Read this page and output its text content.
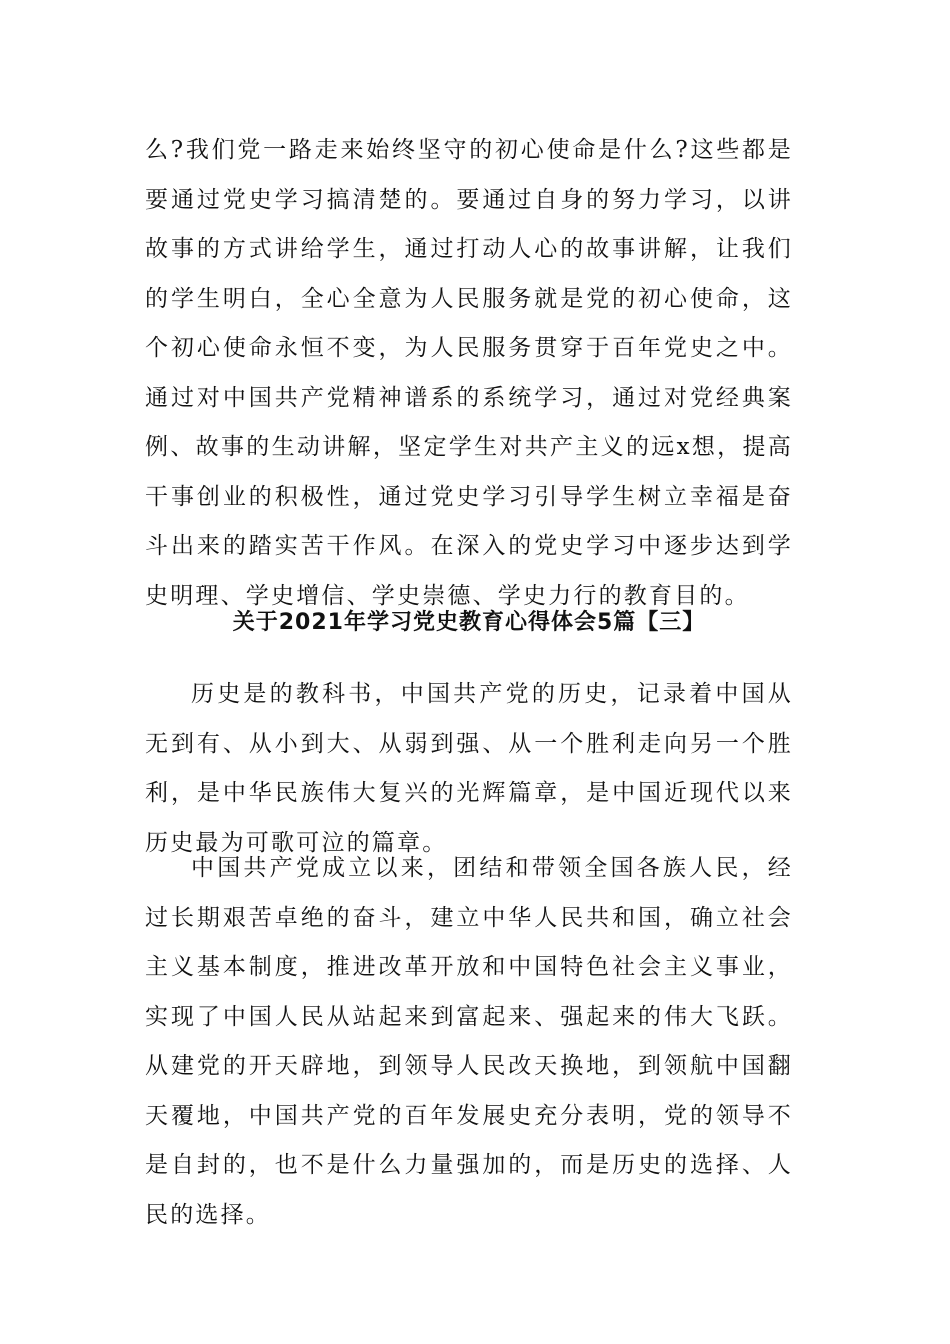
么?我们党一路走来始终坚守的初心使命是什么?这些都是要通过党史学习搞清楚的。要通过自身的努力学习，以讲故事的方式讲给学生，通过打动人心的故事讲解，让我们的学生明白，全心全意为人民服务就是党的初心使命，这个初心使命永恒不变，为人民服务贯穿于百年党史之中。通过对中国共产党精神谱系的系统学习，通过对党经典案例、故事的生动讲解，坚定学生对共产主义的远x想，提高干事创业的积极性，通过党史学习引导学生树立幸福是奋斗出来的踏实苦干作风。在深入的党史学习中逐步达到学史明理、学史增信、学史崇德、学史力行的教育目的。

关于2021年学习党史教育心得体会5篇【三】

历史是的教科书，中国共产党的历史，记录着中国从无到有、从小到大、从弱到强、从一个胜利走向另一个胜利，是中华民族伟大复兴的光辉篇章，是中国近现代以来历史最为可歌可泣的篇章。

中国共产党成立以来，团结和带领全国各族人民，经过长期艰苦卓绝的奋斗，建立中华人民共和国，确立社会主义基本制度，推进改革开放和中国特色社会主义事业，实现了中国人民从站起来到富起来、强起来的伟大飞跃。从建党的开天辟地，到领导人民改天换地，到领航中国翻天覆地，中国共产党的百年发展史充分表明，党的领导不是自封的，也不是什么力量强加的，而是历史的选择、人民的选择。
